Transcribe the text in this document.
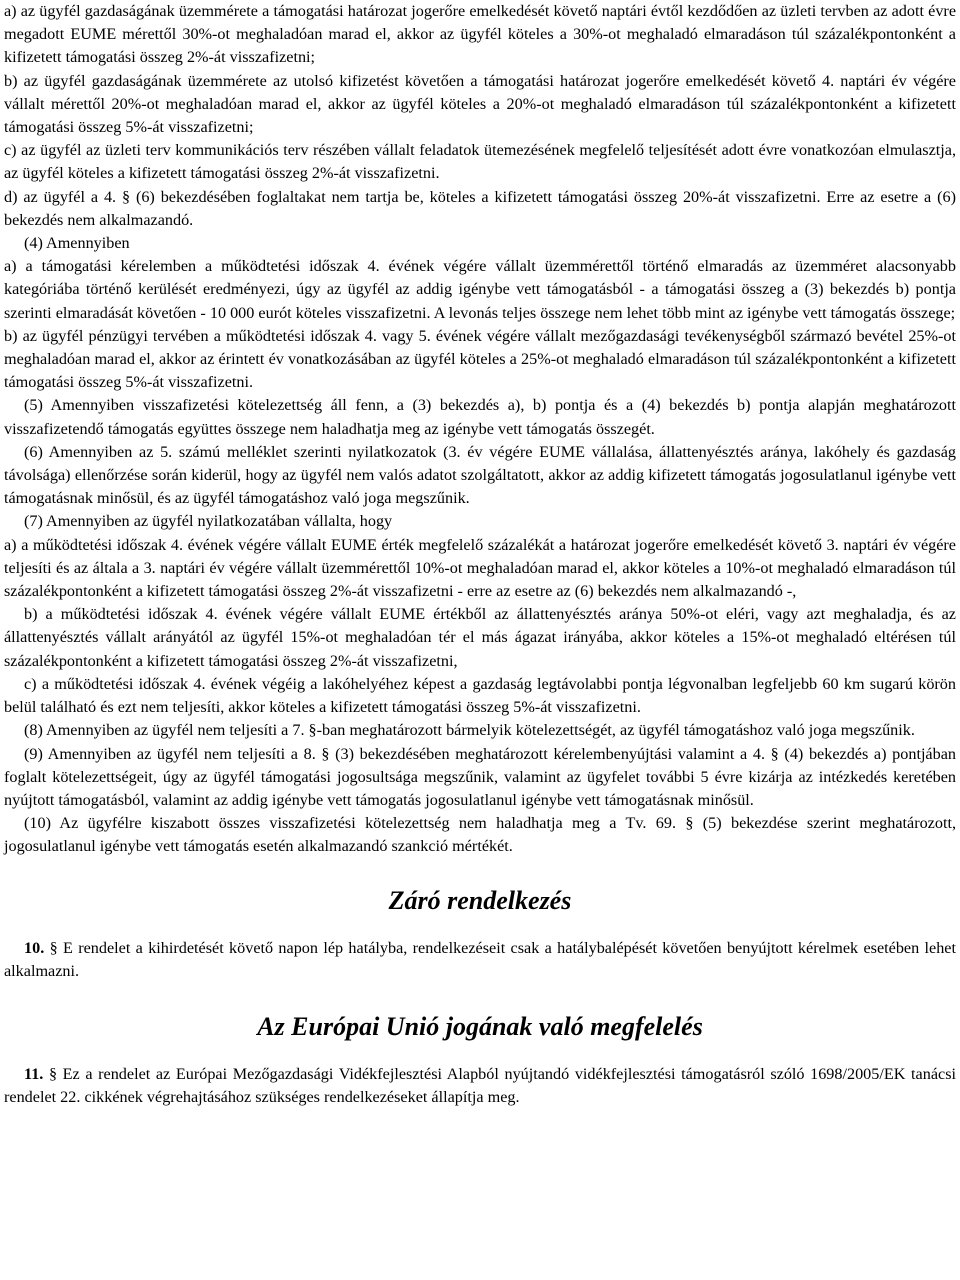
a) az ügyfél gazdaságának üzemmérete a támogatási határozat jogerőre emelkedését követő naptári évtől kezdődően az üzleti tervben az adott évre megadott EUME mérettől 30%-ot meghaladóan marad el, akkor az ügyfél köteles a 30%-ot meghaladó elmaradáson túl százalékpontonként a kifizetett támogatási összeg 2%-át visszafizetni;

b) az ügyfél gazdaságának üzemmérete az utolsó kifizetést követően a támogatási határozat jogerőre emelkedését követő 4. naptári év végére vállalt mérettől 20%-ot meghaladóan marad el, akkor az ügyfél köteles a 20%-ot meghaladó elmaradáson túl százalékpontonként a kifizetett támogatási összeg 5%-át visszafizetni;

c) az ügyfél az üzleti terv kommunikációs terv részében vállalt feladatok ütemezésének megfelelő teljesítését adott évre vonatkozóan elmulasztja, az ügyfél köteles a kifizetett támogatási összeg 2%-át visszafizetni.

d) az ügyfél a 4. § (6) bekezdésében foglaltakat nem tartja be, köteles a kifizetett támogatási összeg 20%-át visszafizetni. Erre az esetre a (6) bekezdés nem alkalmazandó.

(4) Amennyiben

a) a támogatási kérelemben a működtetési időszak 4. évének végére vállalt üzemmérettől történő elmaradás az üzemméret alacsonyabb kategóriába történő kerülését eredményezi, úgy az ügyfél az addig igénybe vett támogatásból - a támogatási összeg a (3) bekezdés b) pontja szerinti elmaradását követően - 10 000 eurót köteles visszafizetni. A levonás teljes összege nem lehet több mint az igénybe vett támogatás összege;

b) az ügyfél pénzügyi tervében a működtetési időszak 4. vagy 5. évének végére vállalt mezőgazdasági tevékenységből származó bevétel 25%-ot meghaladóan marad el, akkor az érintett év vonatkozásában az ügyfél köteles a 25%-ot meghaladó elmaradáson túl százalékpontonként a kifizetett támogatási összeg 5%-át visszafizetni.

(5) Amennyiben visszafizetési kötelezettség áll fenn, a (3) bekezdés a), b) pontja és a (4) bekezdés b) pontja alapján meghatározott visszafizetendő támogatás együttes összege nem haladhatja meg az igénybe vett támogatás összegét.

(6) Amennyiben az 5. számú melléklet szerinti nyilatkozatok (3. év végére EUME vállalása, állattenyésztés aránya, lakóhely és gazdaság távolsága) ellenőrzése során kiderül, hogy az ügyfél nem valós adatot szolgáltatott, akkor az addig kifizetett támogatás jogosulatlanul igénybe vett támogatásnak minősül, és az ügyfél támogatáshoz való joga megszűnik.

(7) Amennyiben az ügyfél nyilatkozatában vállalta, hogy

a) a működtetési időszak 4. évének végére vállalt EUME érték megfelelő százalékát a határozat jogerőre emelkedését követő 3. naptári év végére teljesíti és az általa a 3. naptári év végére vállalt üzemmérettől 10%-ot meghaladóan marad el, akkor köteles a 10%-ot meghaladó elmaradáson túl százalékpontonként a kifizetett támogatási összeg 2%-át visszafizetni - erre az esetre az (6) bekezdés nem alkalmazandó -,

b) a működtetési időszak 4. évének végére vállalt EUME értékből az állattenyésztés aránya 50%-ot eléri, vagy azt meghaladja, és az állattenyésztés vállalt arányától az ügyfél 15%-ot meghaladóan tér el más ágazat irányába, akkor köteles a 15%-ot meghaladó eltérésen túl százalékpontonként a kifizetett támogatási összeg 2%-át visszafizetni,

c) a működtetési időszak 4. évének végéig a lakóhelyéhez képest a gazdaság legtávolabbi pontja légvonalban legfeljebb 60 km sugarú körön belül található és ezt nem teljesíti, akkor köteles a kifizetett támogatási összeg 5%-át visszafizetni.

(8) Amennyiben az ügyfél nem teljesíti a 7. §-ban meghatározott bármelyik kötelezettségét, az ügyfél támogatáshoz való joga megszűnik.

(9) Amennyiben az ügyfél nem teljesíti a 8. § (3) bekezdésében meghatározott kérelembenyújtási valamint a 4. § (4) bekezdés a) pontjában foglalt kötelezettségeit, úgy az ügyfél támogatási jogosultsága megszűnik, valamint az ügyfelet további 5 évre kizárja az intézkedés keretében nyújtott támogatásból, valamint az addig igénybe vett támogatás jogosulatlanul igénybe vett támogatásnak minősül.

(10) Az ügyfélre kiszabott összes visszafizetési kötelezettség nem haladhatja meg a Tv. 69. § (5) bekezdése szerint meghatározott, jogosulatlanul igénybe vett támogatás esetén alkalmazandó szankció mértékét.

Záró rendelkezés

10. § E rendelet a kihirdetését követő napon lép hatályba, rendelkezéseit csak a hatálybalépését követően benyújtott kérelmek esetében lehet alkalmazni.

Az Európai Unió jogának való megfelelés

11. § Ez a rendelet az Európai Mezőgazdasági Vidékfejlesztési Alapból nyújtandó vidékfejlesztési támogatásról szóló 1698/2005/EK tanácsi rendelet 22. cikkének végrehajtásához szükséges rendelkezéseket állapítja meg.
